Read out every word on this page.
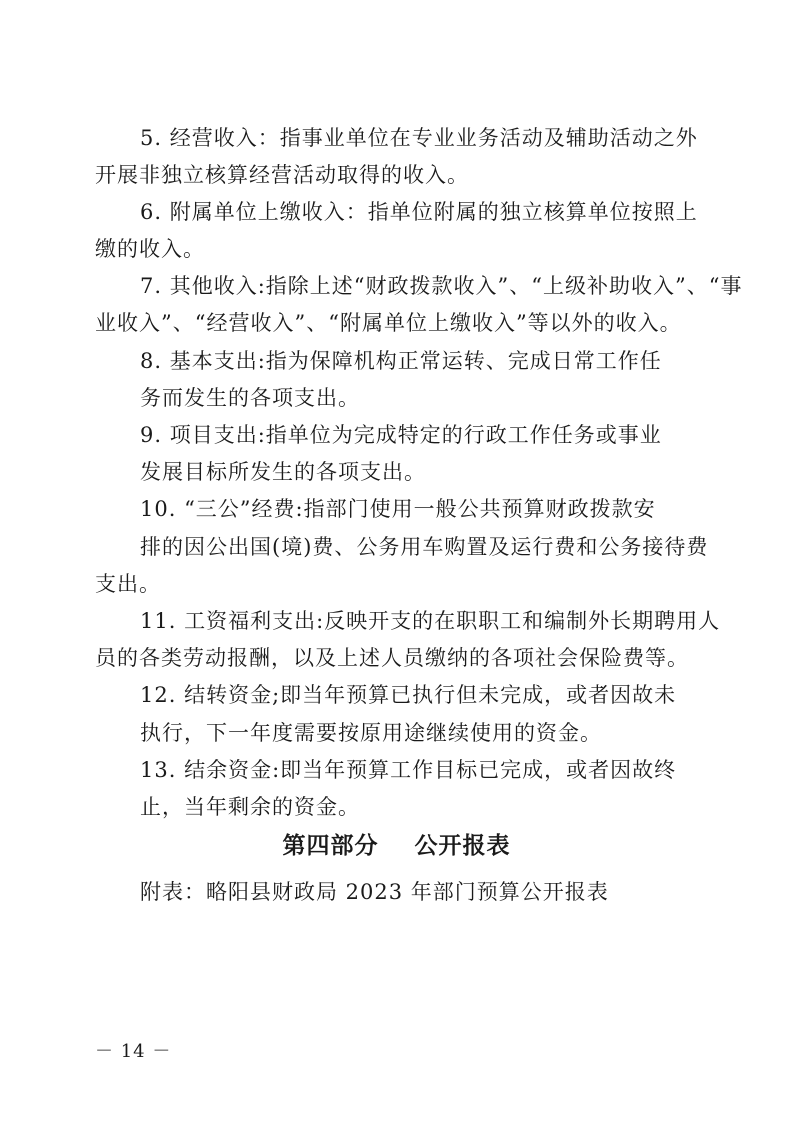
5. 经营收入：指事业单位在专业业务活动及辅助活动之外
开展非独立核算经营活动取得的收入。
6. 附属单位上缴收入：指单位附属的独立核算单位按照上
缴的收入。
7. 其他收入:指除上述“财政拨款收入”、“上级补助收入”、“事
业收入”、“经营收入”、“附属单位上缴收入”等以外的收入。
8. 基本支出:指为保障机构正常运转、完成日常工作任
务而发生的各项支出。
9. 项目支出:指单位为完成特定的行政工作任务或事业
发展目标所发生的各项支出。
10. “三公”经费:指部门使用一般公共预算财政拨款安
排的因公出国(境)费、公务用车购置及运行费和公务接待费
支出。
11. 工资福利支出:反映开支的在职职工和编制外长期聘用人
员的各类劳动报酬，以及上述人员缴纳的各项社会保险费等。
12. 结转资金;即当年预算已执行但未完成，或者因故未
执行，下一年度需要按原用途继续使用的资金。
13. 结余资金:即当年预算工作目标已完成，或者因故终
止，当年剩余的资金。
第四部分    公开报表
附表：略阳县财政局 2023 年部门预算公开报表
－ 14 －
